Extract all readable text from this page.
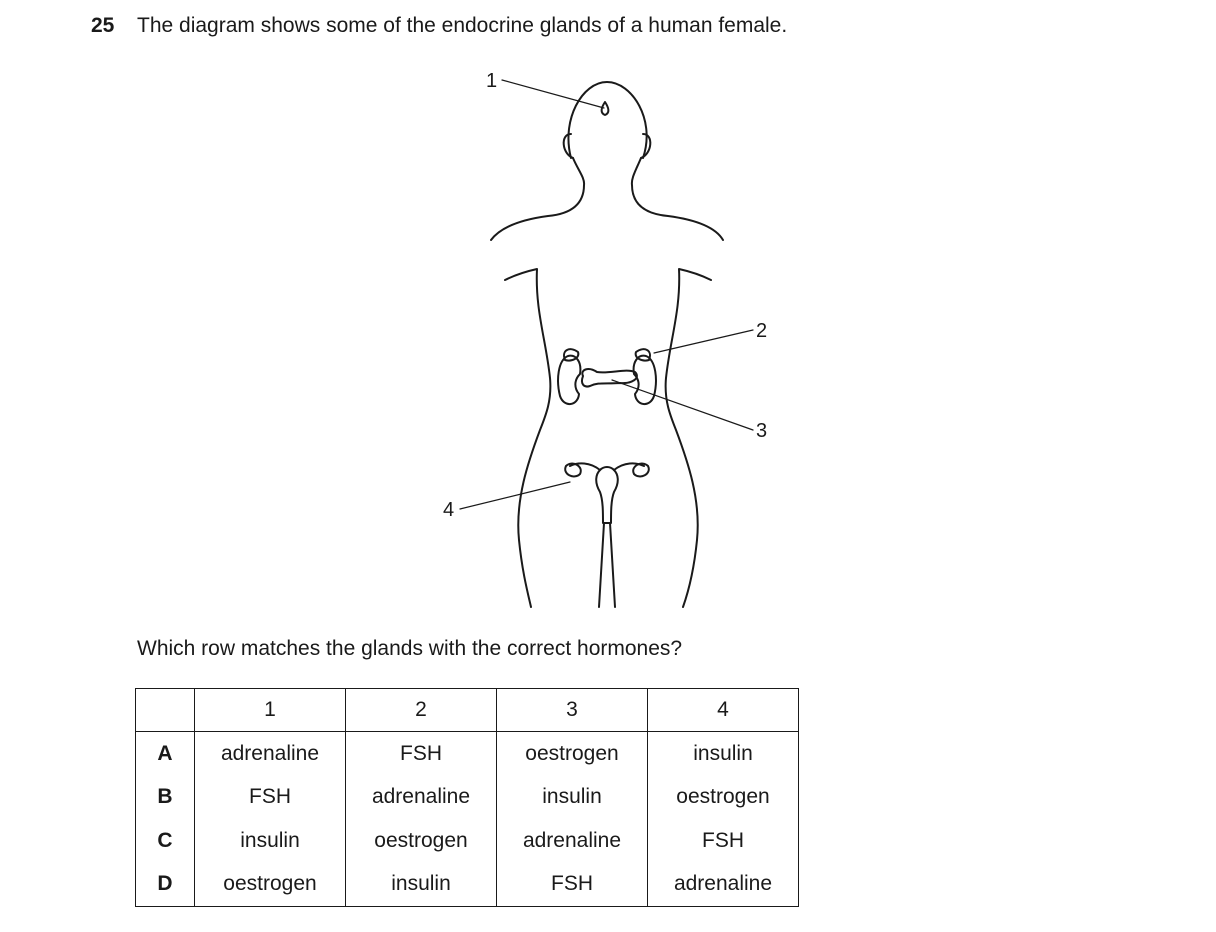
25 The diagram shows some of the endocrine glands of a human female.
1
2
3
4
Which row matches the glands with the correct hormones?
	1	2	3	4
A	adrenaline	FSH	oestrogen	insulin
B	FSH	adrenaline	insulin	oestrogen
C	insulin	oestrogen	adrenaline	FSH
D	oestrogen	insulin	FSH	adrenaline
